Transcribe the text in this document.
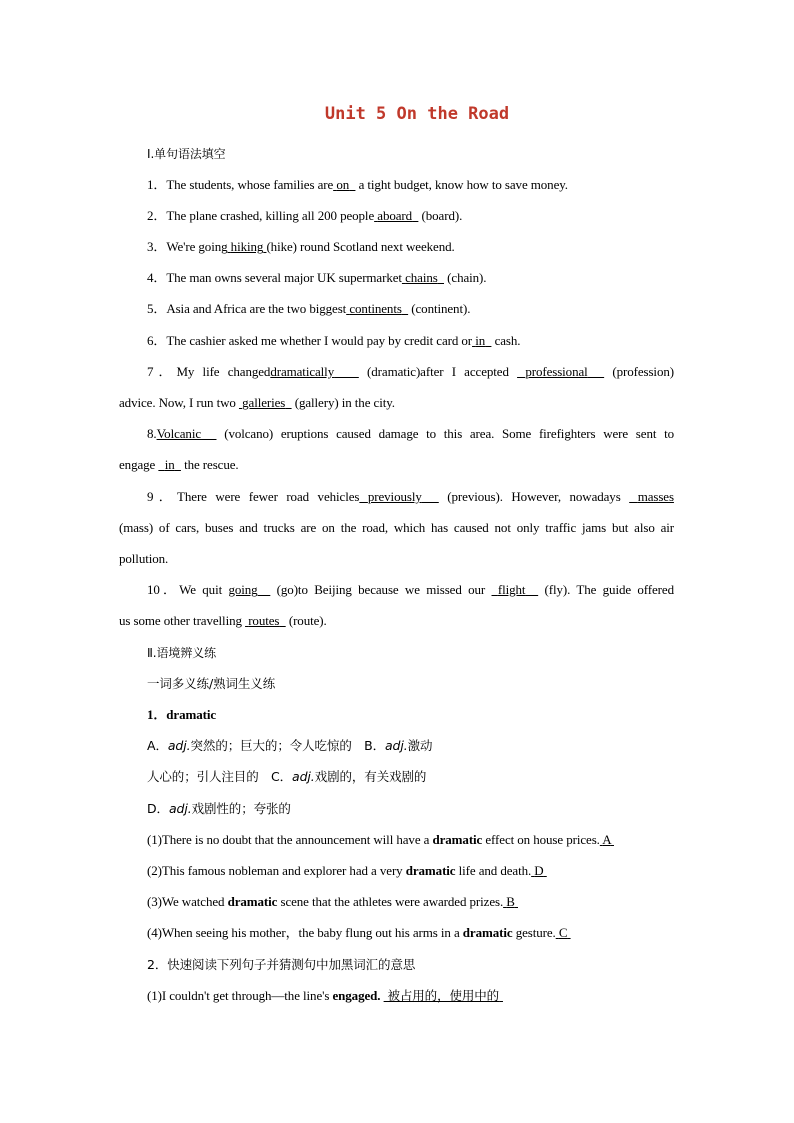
Unit 5 On the Road
Ⅰ.单句语法填空
1．The students, whose families are on a tight budget, know how to save money.
2．The plane crashed, killing all 200 people aboard (board).
3．We're going hiking (hike) round Scotland next weekend.
4．The man owns several major UK supermarket chains (chain).
5．Asia and Africa are the two biggest continents (continent).
6．The cashier asked me whether I would pay by credit card or in cash.
7．My life changeddramatically	(dramatic)after I accepted professional (profession)
advice. Now, I run two galleries (gallery) in the city.
8.Volcanic (volcano) eruptions caused damage to this area. Some firefighters were sent to
engage in the rescue.
9．There were fewer road vehicles previously (previous). However, nowadays masses
(mass) of cars, buses and trucks are on the road, which has caused not only traffic jams but also air
pollution.
10．We quit going (go)to Beijing because we missed our flight (fly). The guide offered
us some other travelling routes (route).
Ⅱ.语境辨义练
一词多义练/熟词生义练
1．dramatic
A．adj.突然的；巨大的；令人吃惊的　B．adj.激动
人心的；引人注目的　C．adj.戏剧的，有关戏剧的
D．adj.戏剧性的；夸张的
(1)There is no doubt that the announcement will have a dramatic effect on house prices. A
(2)This famous nobleman and explorer had a very dramatic life and death. D
(3)We watched dramatic scene that the athletes were awarded prizes. B
(4)When seeing his mother，the baby flung out his arms in a dramatic gesture. C
2．快速阅读下列句子并猜测句中加黑词汇的意思
(1)I couldn't get through—the line's engaged. 被占用的，使用中的
